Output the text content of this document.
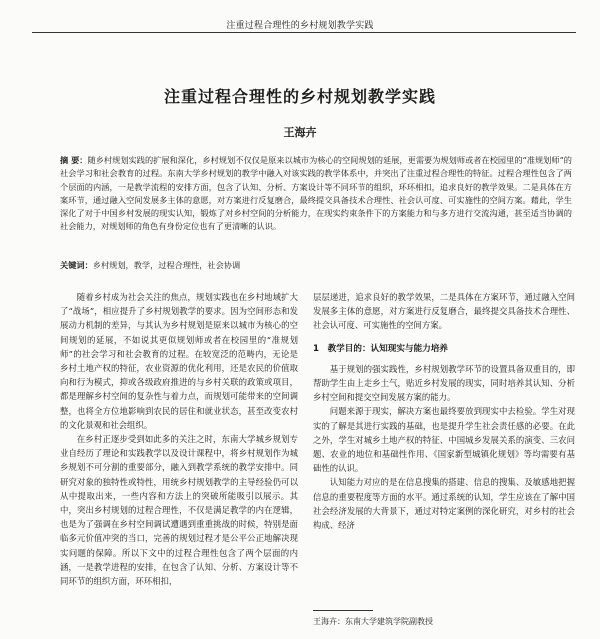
注重过程合理性的乡村规划教学实践
注重过程合理性的乡村规划教学实践
王海卉
摘 要：随乡村规划实践的扩展和深化，乡村规划不仅仅是原来以城市为核心的空间规划的延展，更需要为规划师或者在校园里的“准规划师”的社会学习和社会教育的过程。东南大学乡村规划的教学中融入对该实践的教学体系中，并突出了注重过程合理性的特征。过程合理性包含了两个层面的内涵，一是教学流程的安排方面，包含了认知、分析、方案设计等不同环节的组织，环环相扣，追求良好的教学效果。二是具体在方案环节，通过融入空间发展多主体的意愿，对方案进行反复磨合，最终提交具备技术合理性、社会认可度、可实施性的空间方案。藉此，学生深化了对于中国乡村发展的现实认知，锻炼了对乡村空间的分析能力，在现实约束条件下的方案能力和与多方进行交流沟通，甚至适当协调的社会能力，对规划师的角色有身份定位也有了更清晰的认识。
关键词：乡村规划，教学，过程合理性，社会协调

随着乡村成为社会关注的焦点，规划实践也在乡村地域扩大了“战场”，相应提升了乡村规划教学的要求。因为空间形态和发展动力机制的差异，与其认为乡村规划是原来以城市为核心的空间规划的延展，不如说其更似规划师或者在校园里的“准规划师”的社会学习和社会教育的过程。在较宽泛的范畴内，无论是乡村土地产权的特征，农业资源的优化利用，还是农民的价值取向和行为模式，抑或各级政府推进的与乡村关联的政策或项目，都是理解乡村空间的复杂性与着力点，而规划可能带来的空间调整，也将全方位地影响到农民的居住和就业状态，甚至改变农村的文化景观和社会组织。

在乡村正逐步受到如此多的关注之时，东南大学城乡规划专业自经历了理论和实践教学以及设计课程中，将乡村规划作为城乡规划不可分割的重要部分，融入到教学系统的教学安排中。同研究对象的独特性或特性，用统乡村规划教学的主导经验仍可以从中提取出来，一些内容和方法上的突破所能吸引以展示。其中，突出乡村规划的过程合理性，不仅是满足教学的内在逻辑，也是为了强调在乡村空间调试遭遇到重重挑战的时候，特别是面临多元价值冲突的当口，完善的规划过程才是公平公正地解决现实问题的保障。所以下文中的过程合理性包含了两个层面的内涵，一是教学进程的安排，在包含了认知、分析、方案设计等不同环节的组织方面，环环相扣，

层层递进，追求良好的教学效果，二是具体在方案环节，通过融入空间发展多主体的意愿，对方案进行反复磨合，最终提交具备技术合理性、社会认可度、可实施性的空间方案。

1　教学目的：认知现实与能力培养

基于规划的强实践性，乡村规划教学环节的设置具备双重目的，即帮助学生由上走乡土气，贴近乡村发展的现实，同时培养其认知、分析乡村空间和提交空间发展方案的能力。

问题来源于现实，解决方案也最终要放到现实中去检验。学生对现实的了解是其进行实践的基础，也是提升学生社会责任感的必要。在此之外，学生对城乡土地产权的特征、中国城乡发展关系的演变、三农问题、农业的地位和基础性作用、《国家新型城镇化规划》等均需要有基础性的认识。

认知能力对应的是在信息搜集的搭建、信息的搜集、及敏感地把握信息的重要程度等方面的水平。通过系统的认知，学生应该在了解中国社会经济发展的大背景下，通过对特定案例的深化研究，对乡村的社会构成、经济

王海卉：东南大学建筑学院副教授
